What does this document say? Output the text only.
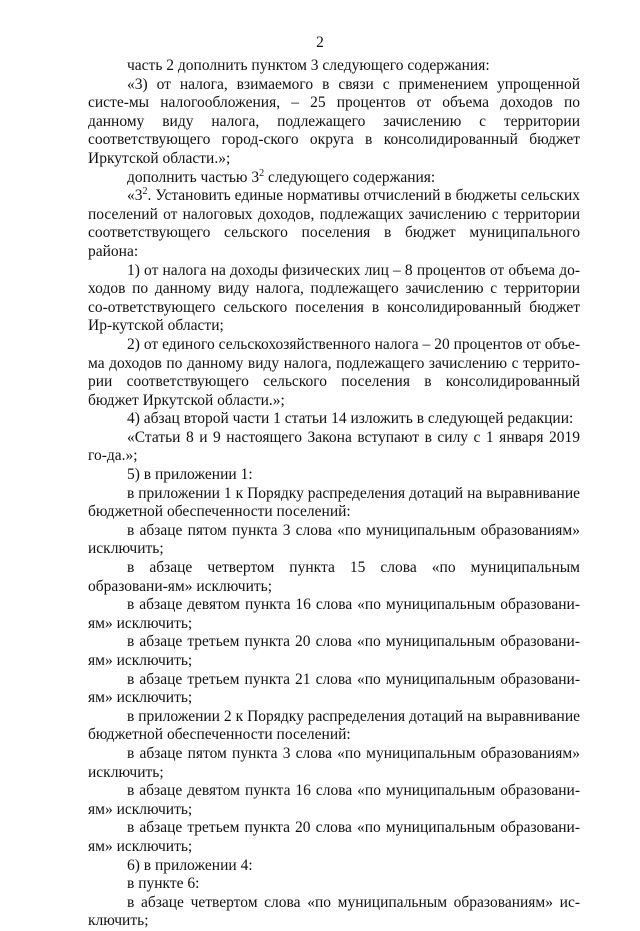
2

часть 2 дополнить пунктом 3 следующего содержания:

«3) от налога, взимаемого в связи с применением упрощенной систе-мы налогообложения, – 25 процентов от объема доходов по данному виду налога, подлежащего зачислению с территории соответствующего город-ского округа в консолидированный бюджет Иркутской области.»;

дополнить частью $3^2$ следующего содержания:

«$3^2$. Установить единые нормативы отчислений в бюджеты сельских поселений от налоговых доходов, подлежащих зачислению с территории соответствующего сельского поселения в бюджет муниципального района:

1) от налога на доходы физических лиц – 8 процентов от объема до-ходов по данному виду налога, подлежащего зачислению с территории со-ответствующего сельского поселения в консолидированный бюджет Ир-кутской области;

2) от единого сельскохозяйственного налога – 20 процентов от объе-ма доходов по данному виду налога, подлежащего зачислению с террито-рии соответствующего сельского поселения в консолидированный бюджет Иркутской области.»;

4) абзац второй части 1 статьи 14 изложить в следующей редакции:

«Статьи 8 и 9 настоящего Закона вступают в силу с 1 января 2019 го-да.»;

5) в приложении 1:

в приложении 1 к Порядку распределения дотаций на выравнивание бюджетной обеспеченности поселений:

в абзаце пятом пункта 3 слова «по муниципальным образованиям» исключить;

в абзаце четвертом пункта 15 слова «по муниципальным образовани-ям» исключить;

в абзаце девятом пункта 16 слова «по муниципальным образовани-ям» исключить;

в абзаце третьем пункта 20 слова «по муниципальным образовани-ям» исключить;

в абзаце третьем пункта 21 слова «по муниципальным образовани-ям» исключить;

в приложении 2 к Порядку распределения дотаций на выравнивание бюджетной обеспеченности поселений:

в абзаце пятом пункта 3 слова «по муниципальным образованиям» исключить;

в абзаце девятом пункта 16 слова «по муниципальным образовани-ям» исключить;

в абзаце третьем пункта 20 слова «по муниципальным образовани-ям» исключить;

6) в приложении 4:

в пункте 6:

в абзаце четвертом слова «по муниципальным образованиям» ис-ключить;
